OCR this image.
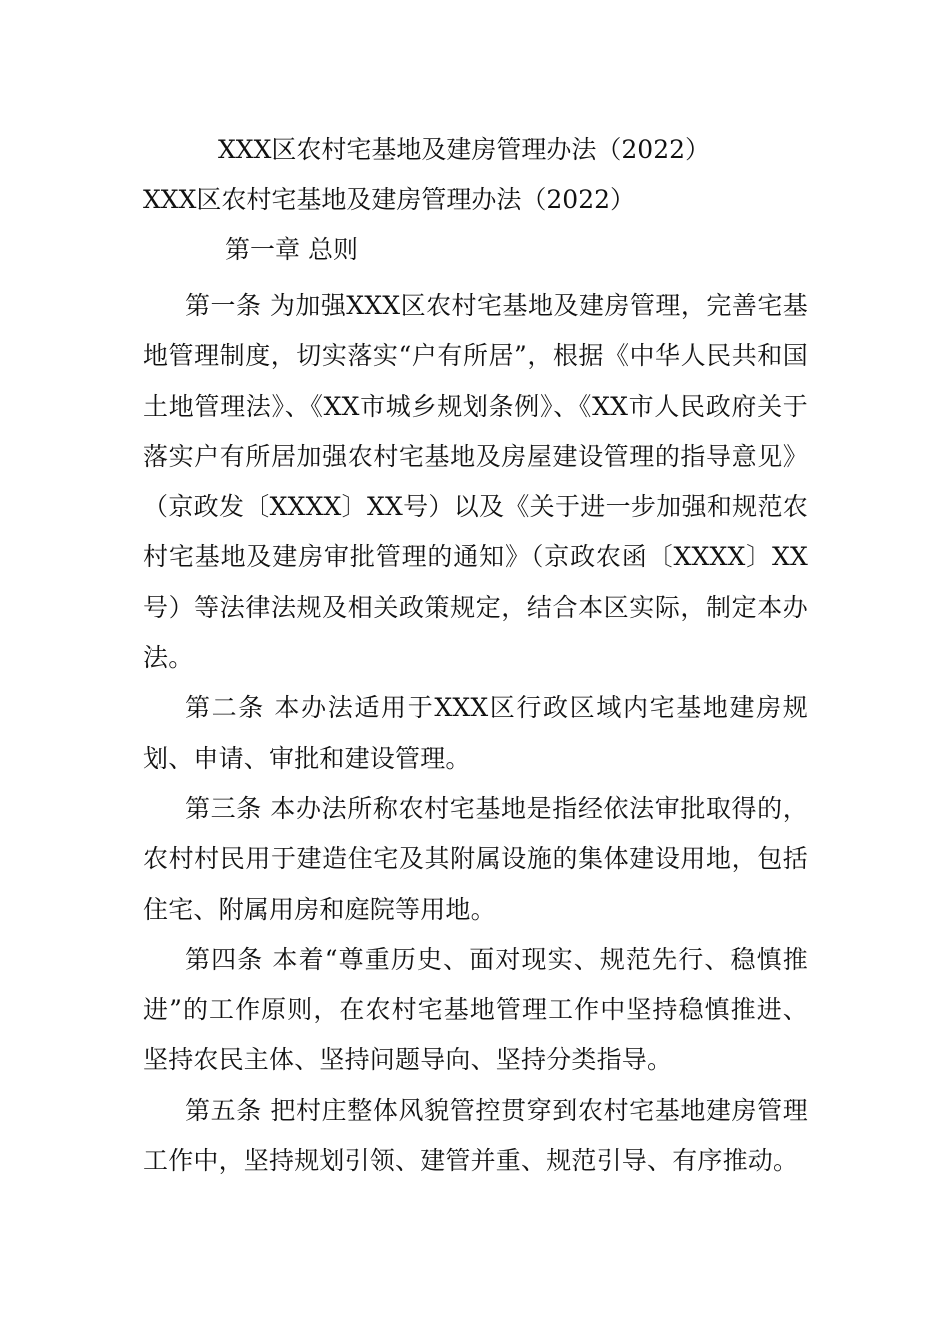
XXX区农村宅基地及建房管理办法（2022）
XXX区农村宅基地及建房管理办法（2022）
第一章 总则

第一条 为加强XXX区农村宅基地及建房管理，完善宅基地管理制度，切实落实“户有所居”，根据《中华人民共和国土地管理法》、《XX市城乡规划条例》、《XX市人民政府关于落实户有所居加强农村宅基地及房屋建设管理的指导意见》（京政发〔XXXX〕XX号）以及《关于进一步加强和规范农村宅基地及建房审批管理的通知》（京政农函〔XXXX〕XX号）等法律法规及相关政策规定，结合本区实际，制定本办法。

第二条 本办法适用于XXX区行政区域内宅基地建房规划、申请、审批和建设管理。

第三条 本办法所称农村宅基地是指经依法审批取得的，农村村民用于建造住宅及其附属设施的集体建设用地，包括住宅、附属用房和庭院等用地。

第四条 本着“尊重历史、面对现实、规范先行、稳慎推进”的工作原则，在农村宅基地管理工作中坚持稳慎推进、坚持农民主体、坚持问题导向、坚持分类指导。

第五条 把村庄整体风貌管控贯穿到农村宅基地建房管理工作中，坚持规划引领、建管并重、规范引导、有序推动。
